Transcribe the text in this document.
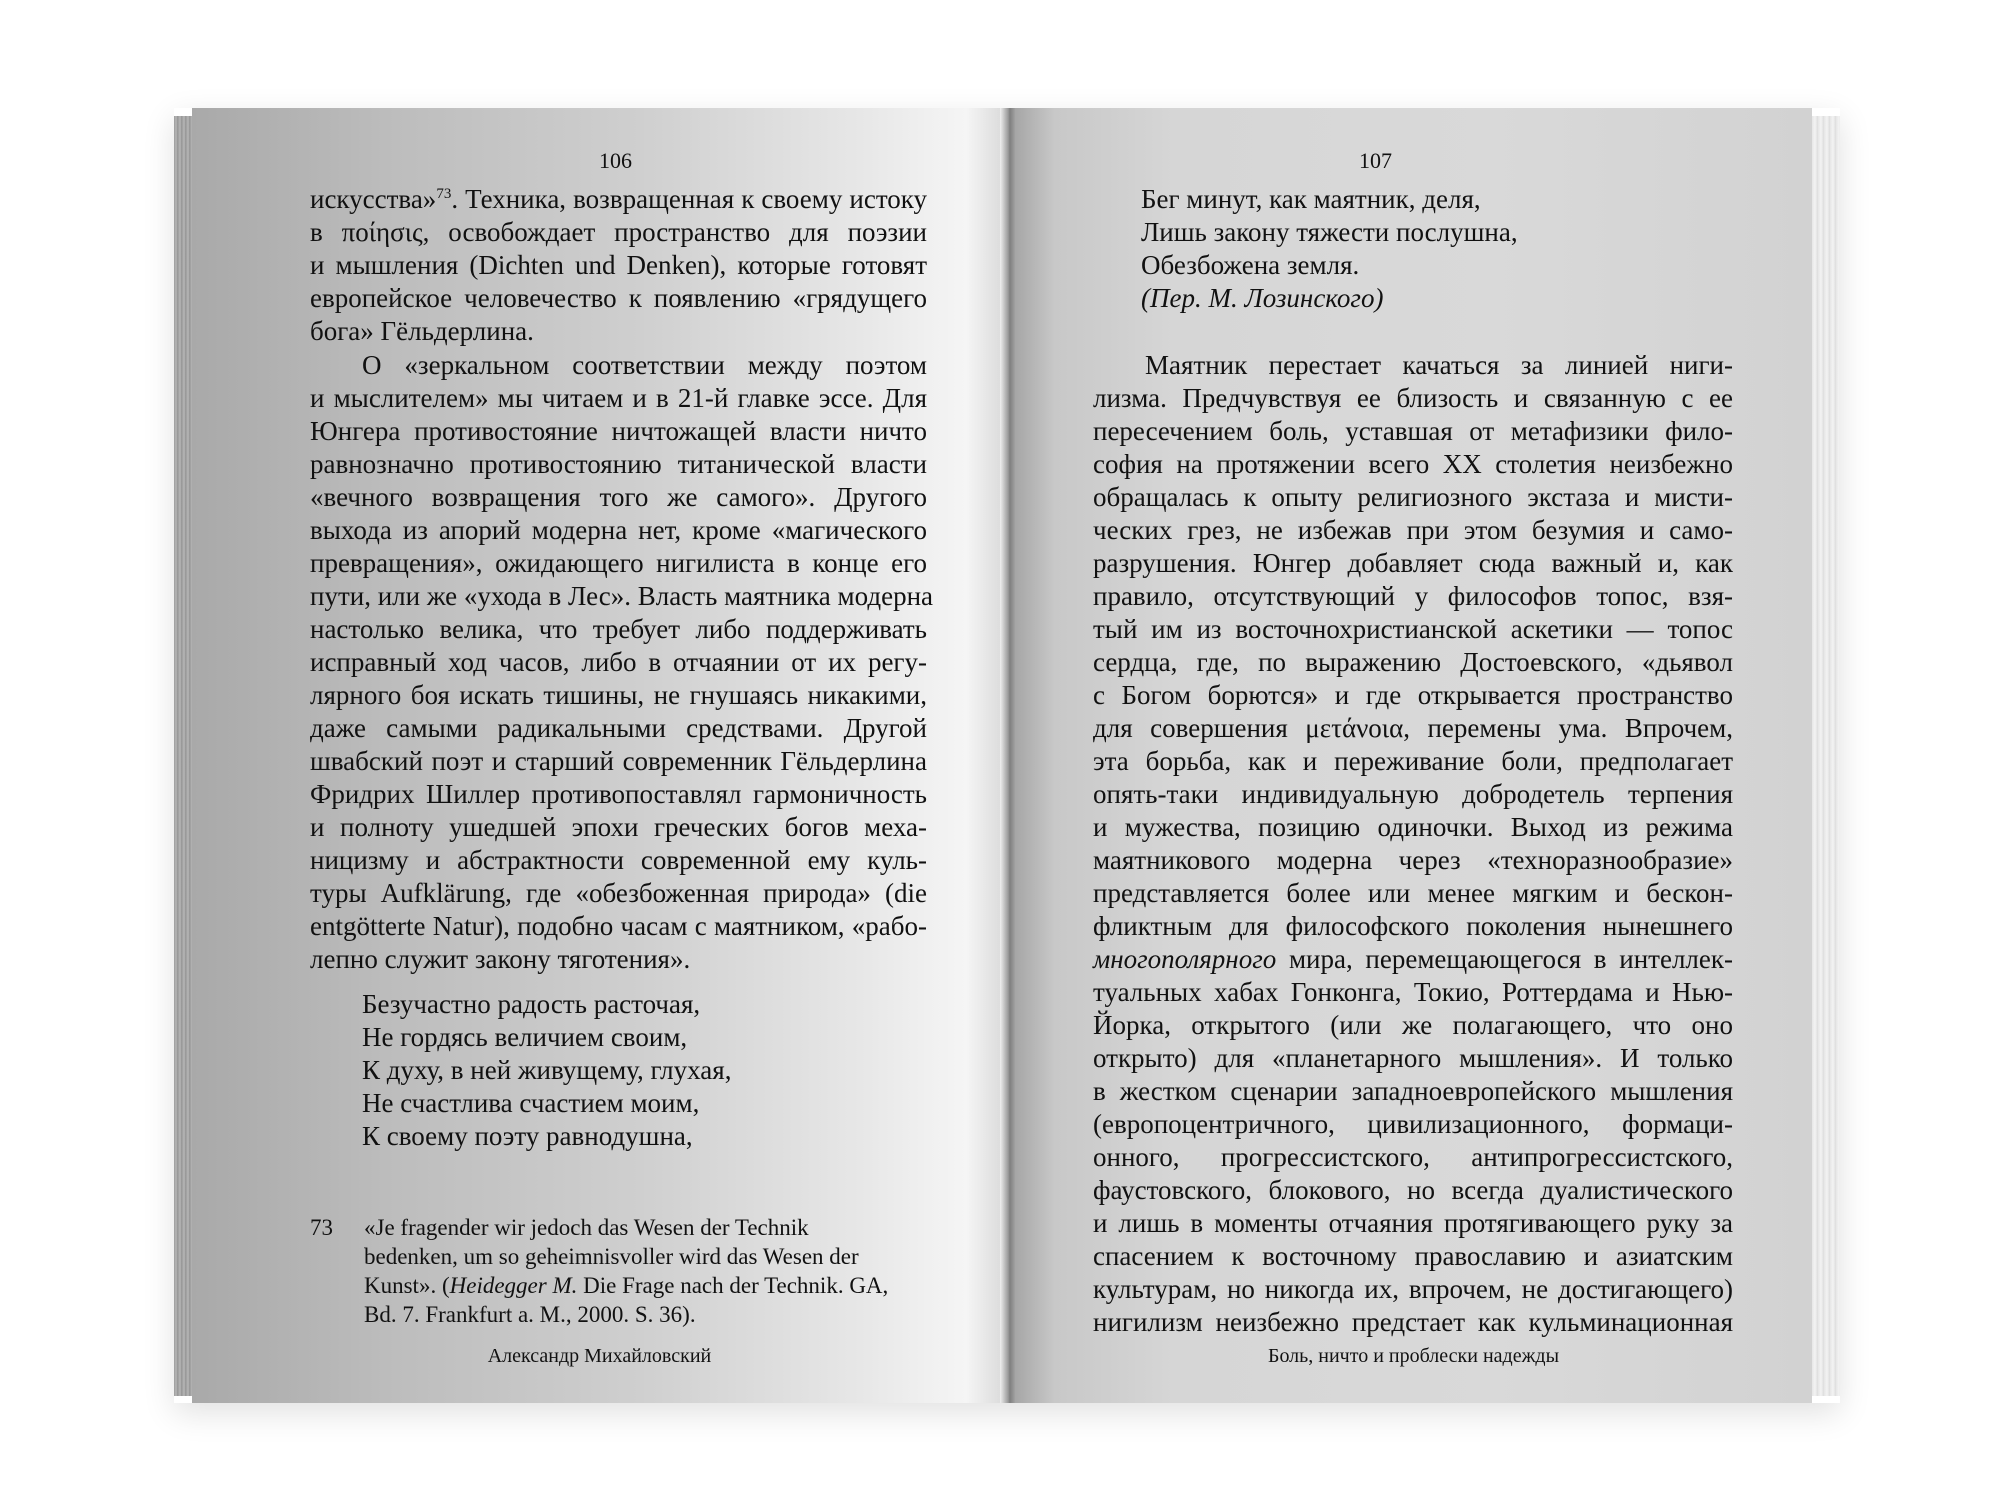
106
искусства»$^{73}$. Техника, возвращенная к своему истоку
в ποίησις, освобождает пространство для поэзии
и мышления (Dichten und Denken), которые готовят
европейское человечество к появлению «грядущего
бога» Гёльдерлина.
О «зеркальном соответствии между поэтом
и мыслителем» мы читаем и в 21-й главке эссе. Для
Юнгера противостояние ничтожащей власти ничто
равнозначно противостоянию титанической власти
«вечного возвращения того же самого». Другого
выхода из апорий модерна нет, кроме «магического
превращения», ожидающего нигилиста в конце его
пути, или же «ухода в Лес». Власть маятника модерна
настолько велика, что требует либо поддерживать
исправный ход часов, либо в отчаянии от их регу-
лярного боя искать тишины, не гнушаясь никакими,
даже самыми радикальными средствами. Другой
швабский поэт и старший современник Гёльдерлина
Фридрих Шиллер противопоставлял гармоничность
и полноту ушедшей эпохи греческих богов меха-
ницизму и абстрактности современной ему куль-
туры Aufklärung, где «обезбоженная природа» (die
entgötterte Natur), подобно часам с маятником, «рабо-
лепно служит закону тяготения».
Безучастно радость расточая,
Не гордясь величием своим,
К духу, в ней живущему, глухая,
Не счастлива счастием моим,
К своему поэту равнодушна,
73	«Je fragender wir jedoch das Wesen der Technik
bedenken, um so geheimnisvoller wird das Wesen der
Kunst». (Heidegger M. Die Frage nach der Technik. GA,
Bd. 7. Frankfurt a. M., 2000. S. 36).
Александр Михайловский
107
Бег минут, как маятник, деля,
Лишь закону тяжести послушна,
Обезбожена земля.
(Пер. М. Лозинского)
Маятник перестает качаться за линией ниги-
лизма. Предчувствуя ее близость и связанную с ее
пересечением боль, уставшая от метафизики фило-
софия на протяжении всего XX столетия неизбежно
обращалась к опыту религиозного экстаза и мисти-
ческих грез, не избежав при этом безумия и само-
разрушения. Юнгер добавляет сюда важный и, как
правило, отсутствующий у философов топос, взя-
тый им из восточнохристианской аскетики — топос
сердца, где, по выражению Достоевского, «дьявол
с Богом борются» и где открывается пространство
для совершения μετάνοια, перемены ума. Впрочем,
эта борьба, как и переживание боли, предполагает
опять-таки индивидуальную добродетель терпения
и мужества, позицию одиночки. Выход из режима
маятникового модерна через «техноразнообразие»
представляется более или менее мягким и бескон-
фликтным для философского поколения нынешнего
многополярного мира, перемещающегося в интеллек-
туальных хабах Гонконга, Токио, Роттердама и Нью-
Йорка, открытого (или же полагающего, что оно
открыто) для «планетарного мышления». И только
в жестком сценарии западноевропейского мышления
(европоцентричного, цивилизационного, формаци-
онного, прогрессистского, антипрогрессистского,
фаустовского, блокового, но всегда дуалистического
и лишь в моменты отчаяния протягивающего руку за
спасением к восточному православию и азиатским
культурам, но никогда их, впрочем, не достигающего)
нигилизм неизбежно предстает как кульминационная
Боль, ничто и проблески надежды
